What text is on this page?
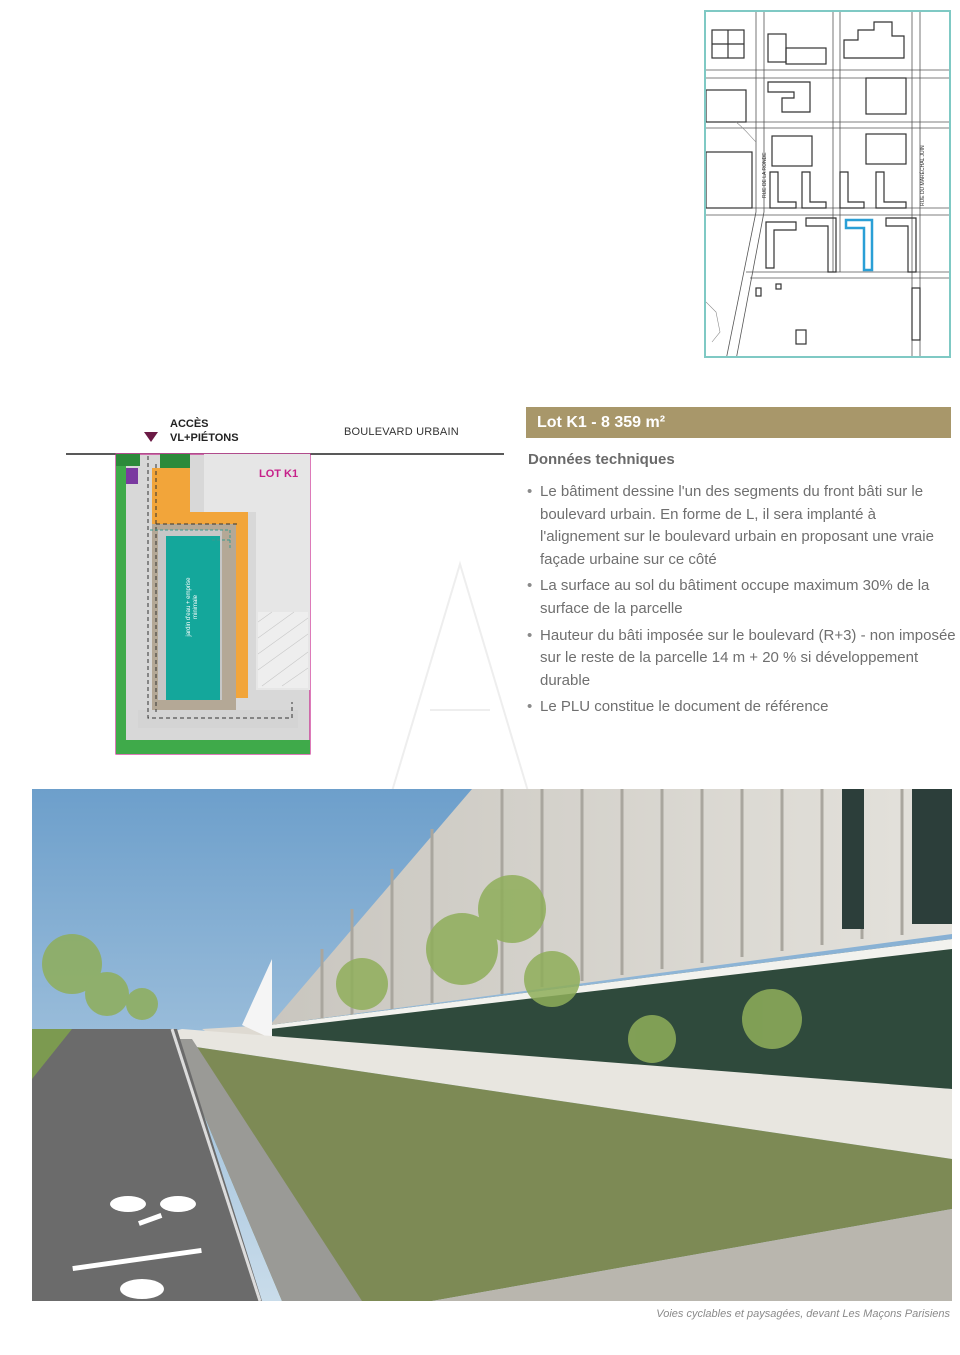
RUE DE LA RONDE	RUE DU MARÉCHAL JUIN
ACCÈS
VL+PIÉTONS	BOULEVARD URBAIN
LOT K1
jardin d'eau + emprise minimale
Lot K1 - 8 359 m²
Données techniques
• Le bâtiment dessine l'un des segments du front bâti sur le boulevard urbain. En forme de L, il sera implanté à l'alignement sur le boulevard urbain en proposant une vraie façade urbaine sur ce côté
• La surface au sol du bâtiment occupe maximum 30% de la surface de la parcelle
• Hauteur du bâti imposée sur le boulevard (R+3) - non imposée sur le reste de la parcelle 14 m + 20 % si développement durable
• Le PLU constitue le document de référence
Voies cyclables et paysagées, devant Les Maçons Parisiens
